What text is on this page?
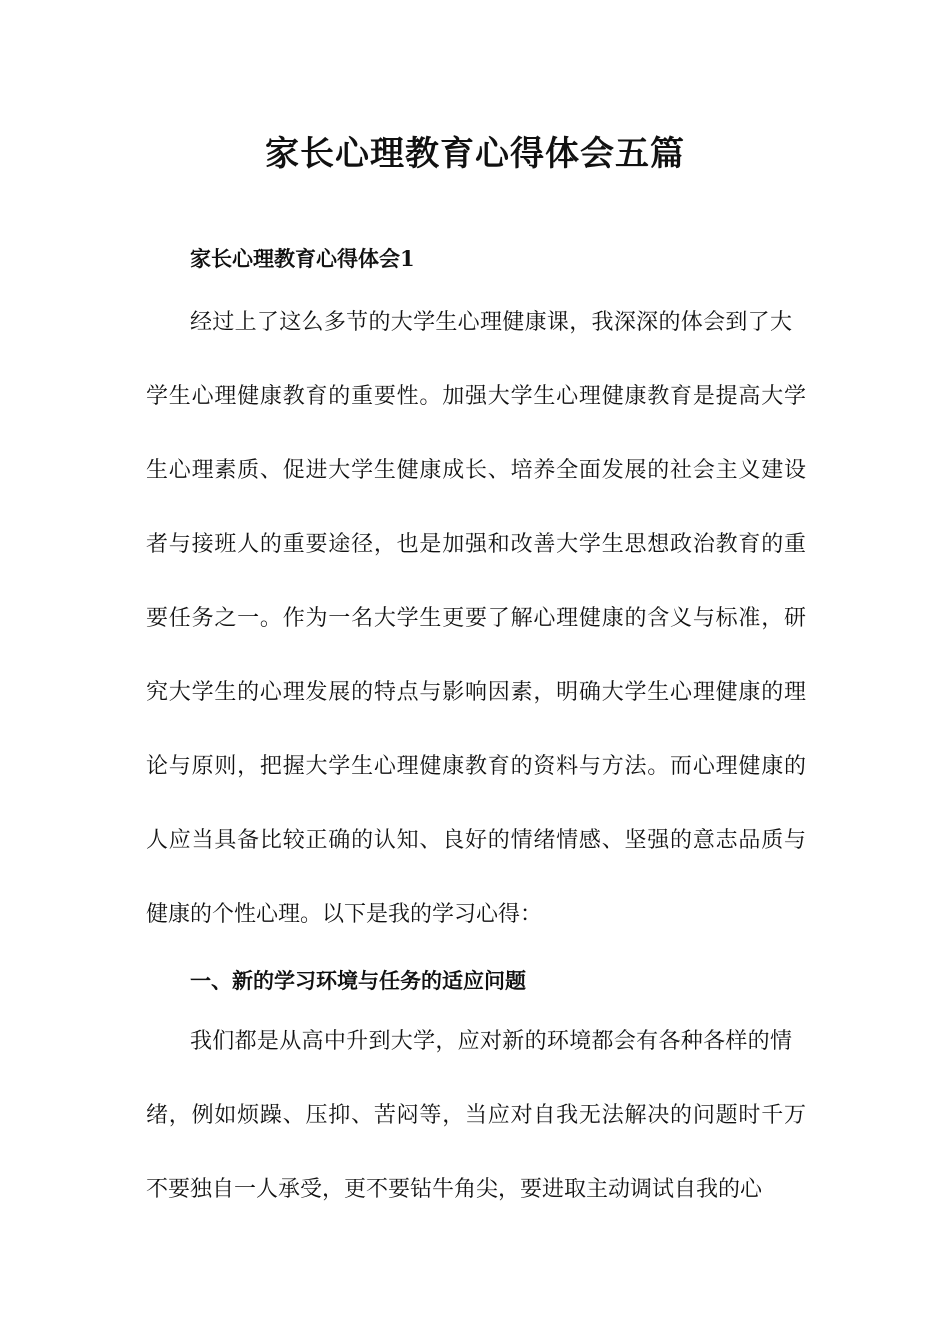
家长心理教育心得体会五篇
家长心理教育心得体会1

经过上了这么多节的大学生心理健康课，我深深的体会到了大

学生心理健康教育的重要性。加强大学生心理健康教育是提高大学

生心理素质、促进大学生健康成长、培养全面发展的社会主义建设

者与接班人的重要途径，也是加强和改善大学生思想政治教育的重

要任务之一。作为一名大学生更要了解心理健康的含义与标准，研

究大学生的心理发展的特点与影响因素，明确大学生心理健康的理

论与原则，把握大学生心理健康教育的资料与方法。而心理健康的

人应当具备比较正确的认知、良好的情绪情感、坚强的意志品质与

健康的个性心理。以下是我的学习心得：

一、新的学习环境与任务的适应问题

我们都是从高中升到大学，应对新的环境都会有各种各样的情

绪，例如烦躁、压抑、苦闷等，当应对自我无法解决的问题时千万

不要独自一人承受，更不要钻牛角尖，要进取主动调试自我的心
